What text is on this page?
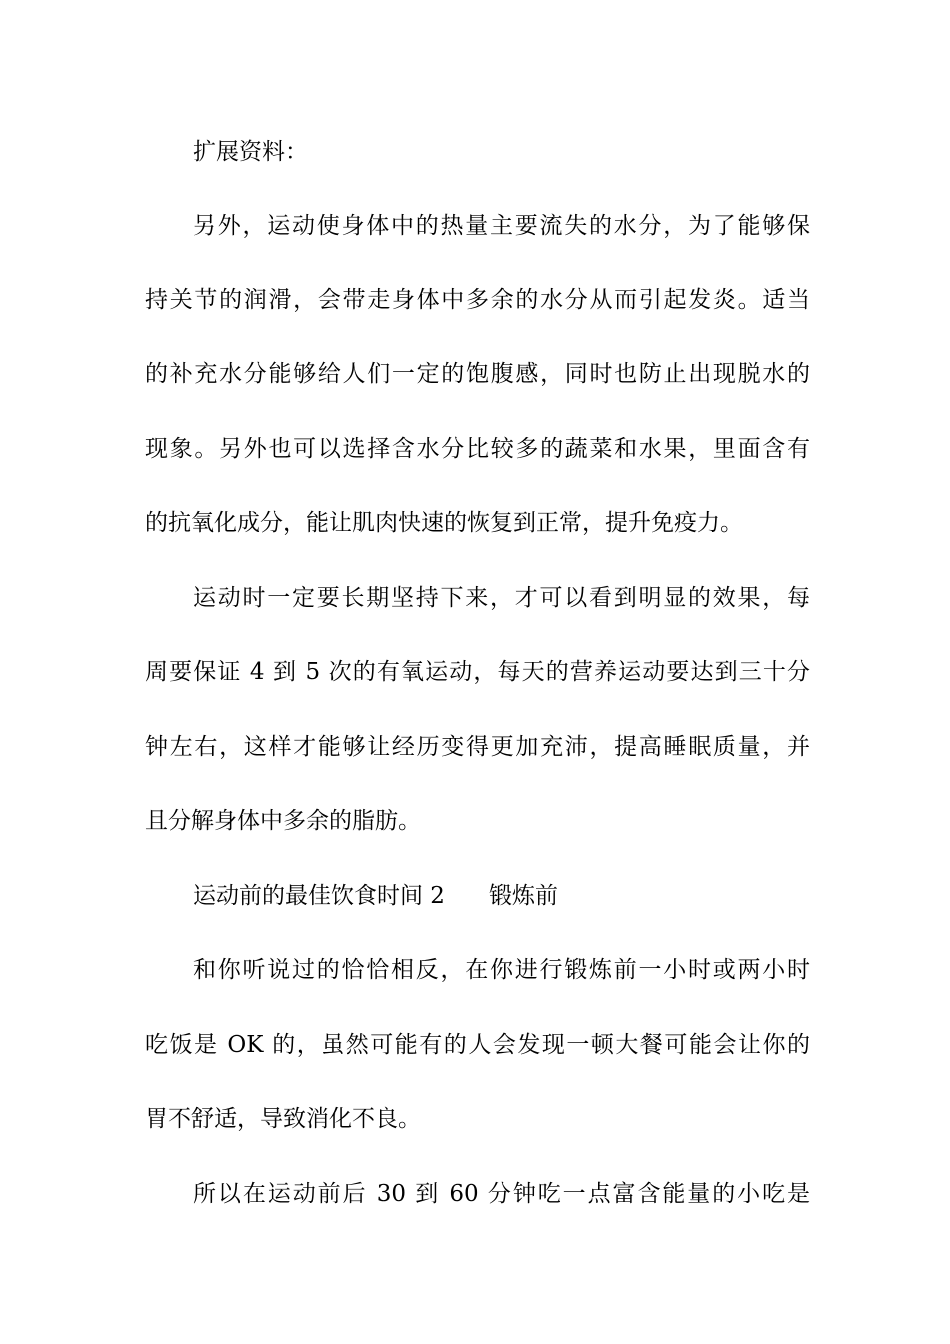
扩展资料：
另外，运动使身体中的热量主要流失的水分，为了能够保
持关节的润滑，会带走身体中多余的水分从而引起发炎。适当
的补充水分能够给人们一定的饱腹感，同时也防止出现脱水的
现象。另外也可以选择含水分比较多的蔬菜和水果，里面含有
的抗氧化成分，能让肌肉快速的恢复到正常，提升免疫力。
运动时一定要长期坚持下来，才可以看到明显的效果，每
周要保证 4 到 5 次的有氧运动，每天的营养运动要达到三十分
钟左右，这样才能够让经历变得更加充沛，提高睡眠质量，并
且分解身体中多余的脂肪。
运动前的最佳饮食时间 2 锻炼前
和你听说过的恰恰相反，在你进行锻炼前一小时或两小时
吃饭是 OK 的，虽然可能有的人会发现一顿大餐可能会让你的
胃不舒适，导致消化不良。
所以在运动前后 30 到 60 分钟吃一点富含能量的小吃是
